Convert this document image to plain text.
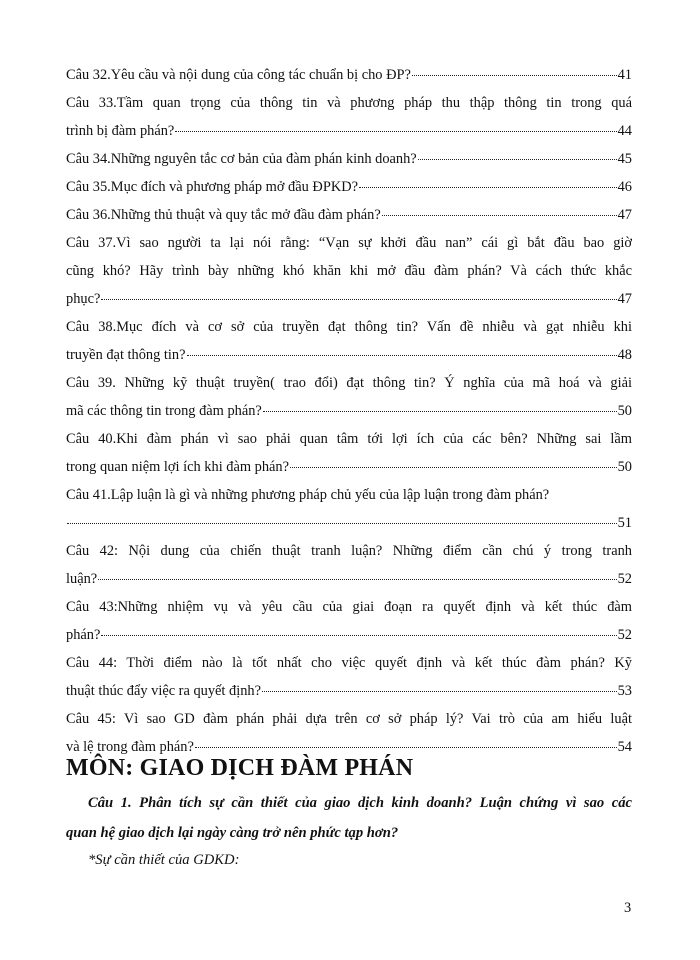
Câu 32.Yêu cầu và nội dung của công tác chuẩn bị cho ĐP?	41
Câu 33.Tầm quan trọng của thông tin và phương pháp thu thập thông tin trong quá
trình bị đàm phán?	44
Câu 34.Những nguyên tắc cơ bản của đàm phán kinh doanh?	45
Câu 35.Mục đích và phương pháp mở đầu ĐPKD?	46
Câu 36.Những thủ thuật và quy tắc mở đầu đàm phán?	47
Câu 37.Vì sao người ta lại nói rằng: “Vạn sự khởi đầu nan” cái gì bắt đầu bao giờ
cũng khó? Hãy trình bày những khó khăn khi mở đầu đàm phán? Và cách thức khắc
phục?	47
Câu 38.Mục đích và cơ sở của truyền đạt thông tin? Vấn đề nhiễu và gạt nhiễu khi
truyền đạt thông tin?	48
Câu 39. Những kỹ thuật truyền( trao đổi) đạt thông tin? Ý nghĩa của mã hoá và giải
mã các thông tin trong đàm phán?	50
Câu 40.Khi đàm phán vì sao phải quan tâm tới lợi ích của các bên? Những sai lầm
trong quan niệm lợi ích khi đàm phán?	50
Câu 41.Lập luận là gì và những phương pháp chủ yếu của lập luận trong đàm phán?
51
Câu 42: Nội dung của chiến thuật tranh luận? Những điểm cần chú ý trong tranh
luận?	52
Câu 43:Những nhiệm vụ và yêu cầu của giai đoạn ra quyết định và kết thúc đàm
phán?	52
Câu 44: Thời điểm nào là tốt nhất cho việc quyết định và kết thúc đàm phán? Kỹ
thuật thúc đẩy việc ra quyết định?	53
Câu 45: Vì sao GD đàm phán phải dựa trên cơ sở pháp lý? Vai trò của am hiểu luật
và lệ trong đàm phán?	54
MÔN: GIAO DỊCH ĐÀM PHÁN
Câu 1. Phân tích sự cần thiết của giao dịch kinh doanh? Luận chứng vì sao các
quan hệ giao dịch lại ngày càng trở nên phức tạp hơn?
*Sự cần thiết của GDKD:
3
